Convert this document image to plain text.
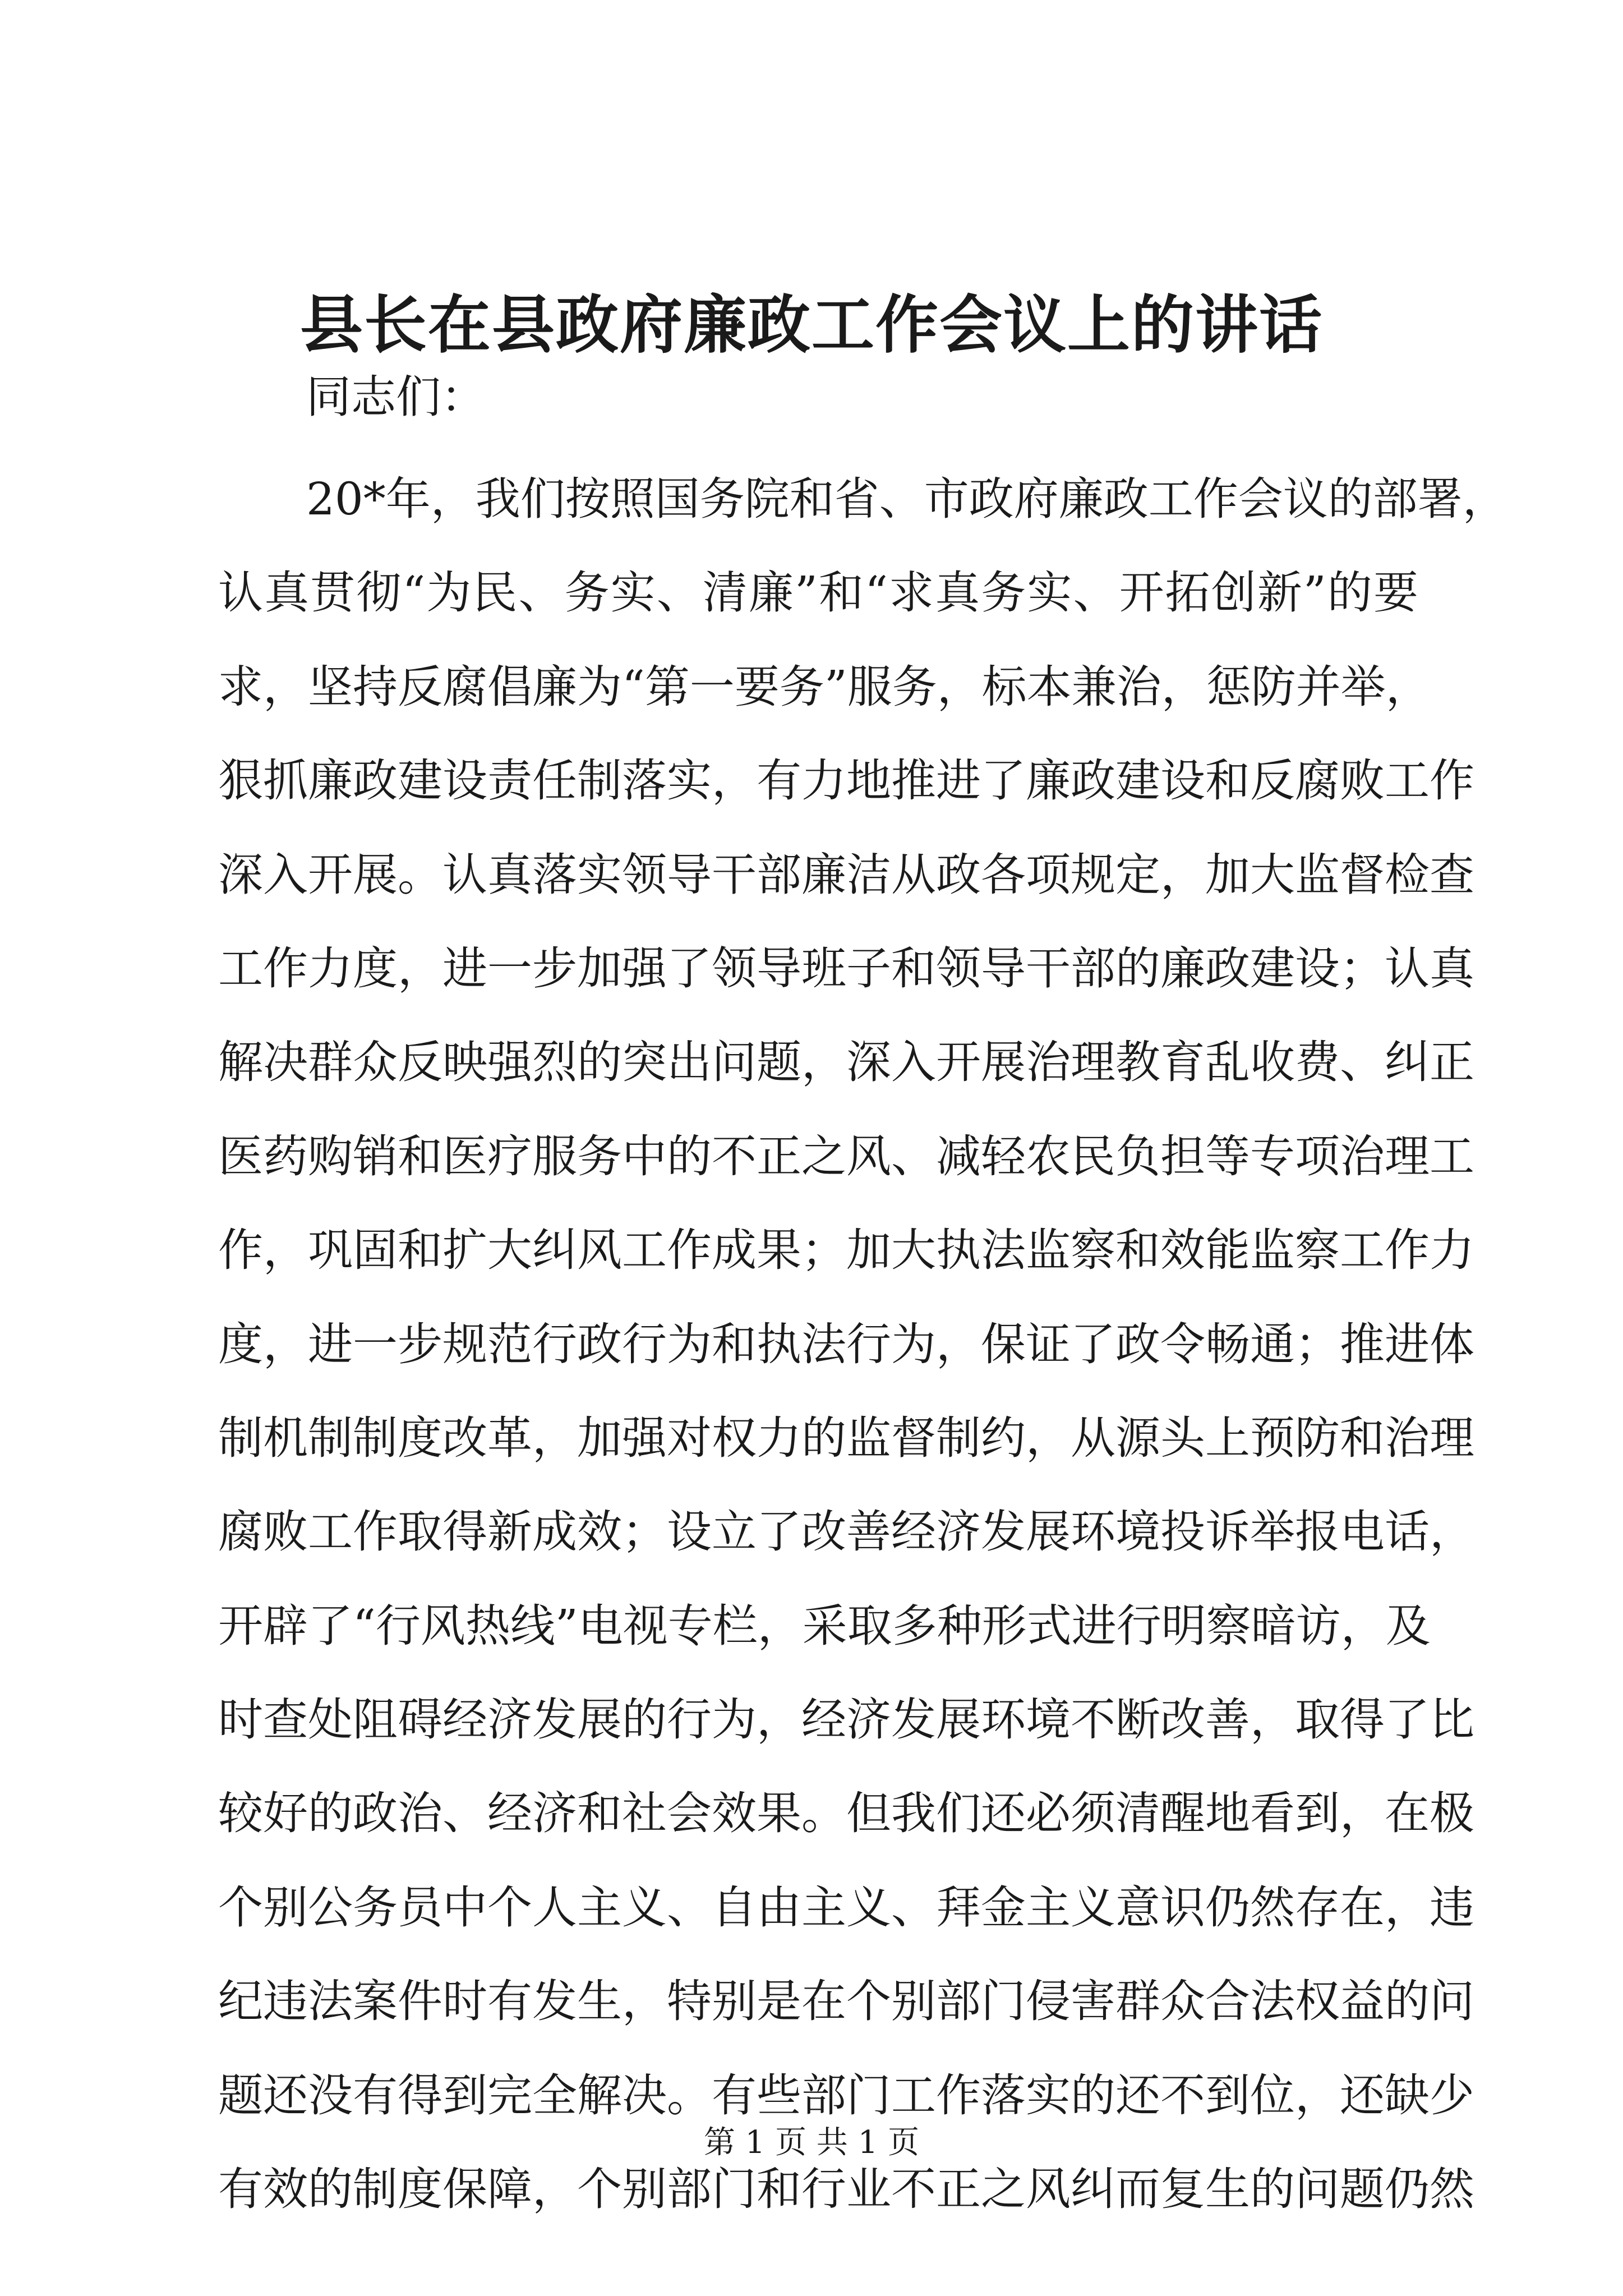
县长在县政府廉政工作会议上的讲话

同志们：

20*年，我们按照国务院和省、市政府廉政工作会议的部署，
认真贯彻“为民、务实、清廉”和“求真务实、开拓创新”的要
求，坚持反腐倡廉为“第一要务”服务，标本兼治，惩防并举，
狠抓廉政建设责任制落实，有力地推进了廉政建设和反腐败工作
深入开展。认真落实领导干部廉洁从政各项规定，加大监督检查
工作力度，进一步加强了领导班子和领导干部的廉政建设；认真
解决群众反映强烈的突出问题，深入开展治理教育乱收费、纠正
医药购销和医疗服务中的不正之风、减轻农民负担等专项治理工
作，巩固和扩大纠风工作成果；加大执法监察和效能监察工作力
度，进一步规范行政行为和执法行为，保证了政令畅通；推进体
制机制制度改革，加强对权力的监督制约，从源头上预防和治理
腐败工作取得新成效；设立了改善经济发展环境投诉举报电话，
开辟了“行风热线”电视专栏，采取多种形式进行明察暗访，及
时查处阻碍经济发展的行为，经济发展环境不断改善，取得了比
较好的政治、经济和社会效果。但我们还必须清醒地看到，在极
个别公务员中个人主义、自由主义、拜金主义意识仍然存在，违
纪违法案件时有发生，特别是在个别部门侵害群众合法权益的问
题还没有得到完全解决。有些部门工作落实的还不到位，还缺少
有效的制度保障，个别部门和行业不正之风纠而复生的问题仍然
第 1 页 共 1 页
